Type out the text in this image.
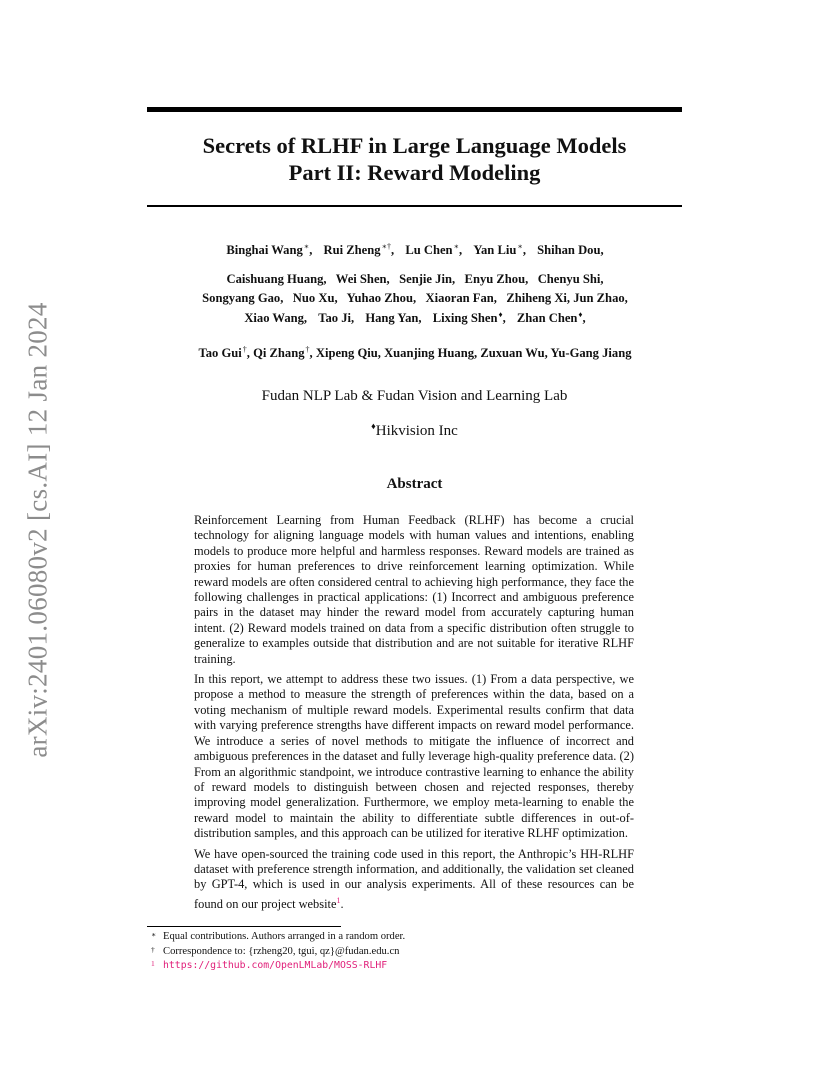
arXiv:2401.06080v2 [cs.AI] 12 Jan 2024
Secrets of RLHF in Large Language Models
Part II: Reward Modeling
Binghai Wang∗, Rui Zheng∗†, Lu Chen∗, Yan Liu∗, Shihan Dou,
Caishuang Huang,   Wei Shen,   Senjie Jin,   Enyu Zhou,   Chenyu Shi,
Songyang Gao,   Nuo Xu,   Yuhao Zhou,   Xiaoran Fan,   Zhiheng Xi, Jun Zhao,
Xiao Wang, Tao Ji, Hang Yan, Lixing Shen♦, Zhan Chen♦,
Tao Gui†, Qi Zhang†, Xipeng Qiu, Xuanjing Huang, Zuxuan Wu, Yu-Gang Jiang
Fudan NLP Lab & Fudan Vision and Learning Lab
♦Hikvision Inc
Abstract

Reinforcement Learning from Human Feedback (RLHF) has become a crucial technology for aligning language models with human values and intentions, enabling models to produce more helpful and harmless responses. Reward models are trained as proxies for human preferences to drive reinforcement learning optimization. While reward models are often considered central to achieving high performance, they face the following challenges in practical applications: (1) Incorrect and ambiguous preference pairs in the dataset may hinder the reward model from accurately capturing human intent. (2) Reward models trained on data from a specific distribution often struggle to generalize to examples outside that distribution and are not suitable for iterative RLHF training.

In this report, we attempt to address these two issues. (1) From a data perspective, we propose a method to measure the strength of preferences within the data, based on a voting mechanism of multiple reward models. Experimental results confirm that data with varying preference strengths have different impacts on reward model performance. We introduce a series of novel methods to mitigate the influence of incorrect and ambiguous preferences in the dataset and fully leverage high-quality preference data. (2) From an algorithmic standpoint, we introduce contrastive learning to enhance the ability of reward models to distinguish between chosen and rejected responses, thereby improving model generalization. Furthermore, we employ meta-learning to enable the reward model to maintain the ability to differentiate subtle differences in out-of-distribution samples, and this approach can be utilized for iterative RLHF optimization.

We have open-sourced the training code used in this report, the Anthropic’s HH-RLHF dataset with preference strength information, and additionally, the validation set cleaned by GPT-4, which is used in our analysis experiments. All of these resources can be found on our project website$^1$.

∗ Equal contributions. Authors arranged in a random order.
† Correspondence to: {rzheng20, tgui, qz}@fudan.edu.cn
1 https://github.com/OpenLMLab/MOSS-RLHF
